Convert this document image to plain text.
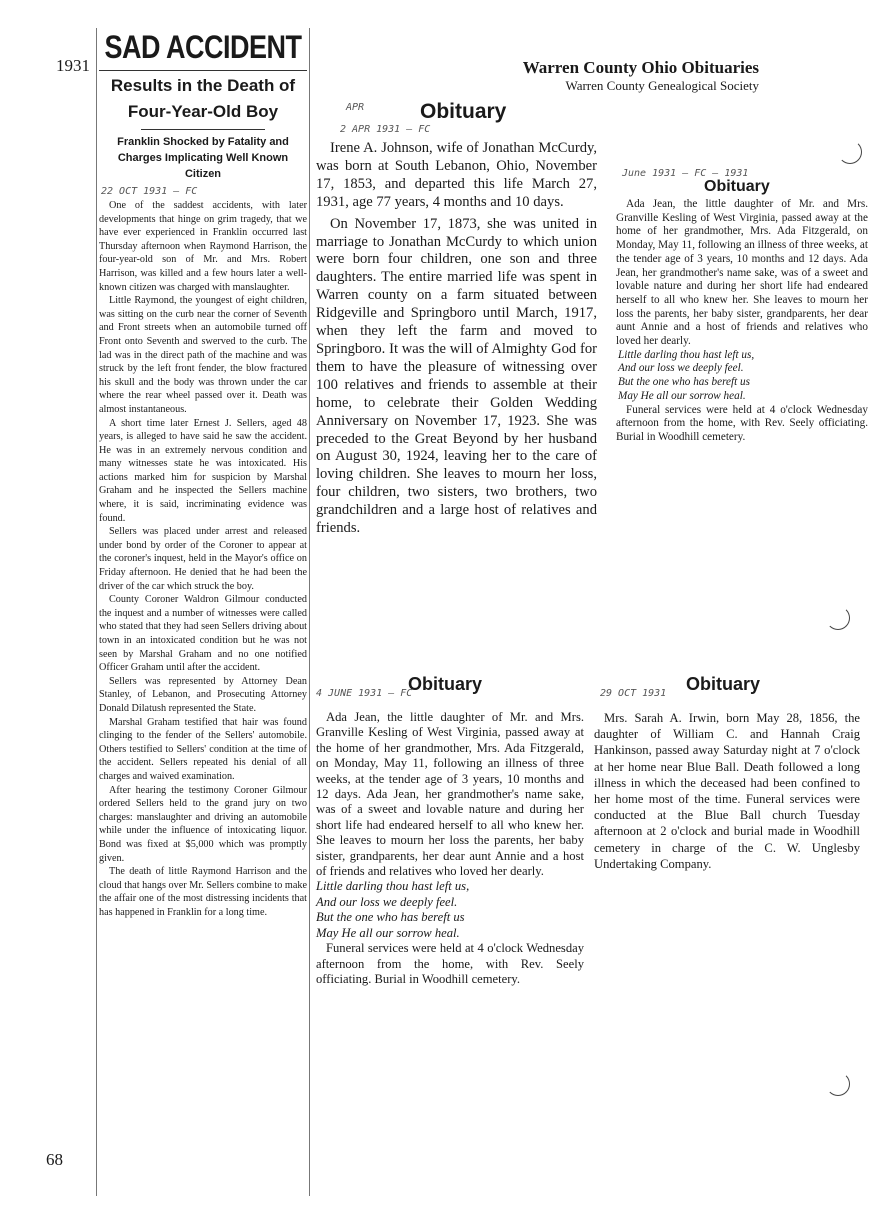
1931
68
Warren County Ohio Obituaries
Warren County Genealogical Society
SAD ACCIDENT
Results in the Death of Four-Year-Old Boy
Franklin Shocked by Fatality and Charges Implicating Well Known Citizen
22 OCT 1931 — FC

One of the saddest accidents, with later developments that hinge on grim tragedy, that we have ever experienced in Franklin occurred last Thursday afternoon when Raymond Harrison, the four-year-old son of Mr. and Mrs. Robert Harrison, was killed and a few hours later a well-known citizen was charged with manslaughter.

Little Raymond, the youngest of eight children, was sitting on the curb near the corner of Seventh and Front streets when an automobile turned off Front onto Seventh and swerved to the curb. The lad was in the direct path of the machine and was struck by the left front fender, the blow fractured his skull and the body was thrown under the car where the rear wheel passed over it. Death was almost instantaneous.

A short time later Ernest J. Sellers, aged 48 years, is alleged to have said he saw the accident. He was in an extremely nervous condition and many witnesses state he was intoxicated. His actions marked him for suspicion by Marshal Graham and he inspected the Sellers machine where, it is said, incriminating evidence was found.

Sellers was placed under arrest and released under bond by order of the Coroner to appear at the coroner's inquest, held in the Mayor's office on Friday afternoon. He denied that he had been the driver of the car which struck the boy.

County Coroner Waldron Gilmour conducted the inquest and a number of witnesses were called who stated that they had seen Sellers driving about town in an intoxicated condition but he was not seen by Marshal Graham and no one notified Officer Graham until after the accident.

Sellers was represented by Attorney Dean Stanley, of Lebanon, and Prosecuting Attorney Donald Dilatush represented the State.

Marshal Graham testified that hair was found clinging to the fender of the Sellers' automobile. Others testified to Sellers' condition at the time of the accident. Sellers repeated his denial of all charges and waived examination.

After hearing the testimony Coroner Gilmour ordered Sellers held to the grand jury on two charges: manslaughter and driving an automobile while under the influence of intoxicating liquor. Bond was fixed at $5,000 which was promptly given.

The death of little Raymond Harrison and the cloud that hangs over Mr. Sellers combine to make the affair one of the most distressing incidents that has happened in Franklin for a long time.

APR	Obituary
2 APR 1931 — FC

Irene A. Johnson, wife of Jonathan McCurdy, was born at South Lebanon, Ohio, November 17, 1853, and departed this life March 27, 1931, age 77 years, 4 months and 10 days.

On November 17, 1873, she was united in marriage to Jonathan McCurdy to which union were born four children, one son and three daughters. The entire married life was spent in Warren county on a farm situated between Ridgeville and Springboro until March, 1917, when they left the farm and moved to Springboro. It was the will of Almighty God for them to have the pleasure of witnessing over 100 relatives and friends to assemble at their home, to celebrate their Golden Wedding Anniversary on November 17, 1923. She was preceded to the Great Beyond by her husband on August 30, 1924, leaving her to the care of loving children. She leaves to mourn her loss, four children, two sisters, two brothers, two grandchildren and a large host of relatives and friends.

June 1931 — FC — 1931
Obituary

Ada Jean, the little daughter of Mr. and Mrs. Granville Kesling of West Virginia, passed away at the home of her grandmother, Mrs. Ada Fitzgerald, on Monday, May 11, following an illness of three weeks, at the tender age of 3 years, 10 months and 12 days. Ada Jean, her grandmother's name sake, was of a sweet and lovable nature and during her short life had endeared herself to all who knew her. She leaves to mourn her loss the parents, her baby sister, grandparents, her dear aunt Annie and a host of friends and relatives who loved her dearly.

Little darling thou hast left us,
And our loss we deeply feel.
But the one who has bereft us
May He all our sorrow heal.

Funeral services were held at 4 o'clock Wednesday afternoon from the home, with Rev. Seely officiating. Burial in Woodhill cemetery.

4 JUNE 1931 — FC
Obituary

Ada Jean, the little daughter of Mr. and Mrs. Granville Kesling of West Virginia, passed away at the home of her grandmother, Mrs. Ada Fitzgerald, on Monday, May 11, following an illness of three weeks, at the tender age of 3 years, 10 months and 12 days. Ada Jean, her grandmother's name sake, was of a sweet and lovable nature and during her short life had endeared herself to all who knew her. She leaves to mourn her loss the parents, her baby sister, grandparents, her dear aunt Annie and a host of friends and relatives who loved her dearly.

Little darling thou hast left us,
And our loss we deeply feel.
But the one who has bereft us
May He all our sorrow heal.

Funeral services were held at 4 o'clock Wednesday afternoon from the home, with Rev. Seely officiating. Burial in Woodhill cemetery.

29 OCT 1931 Obituary

Mrs. Sarah A. Irwin, born May 28, 1856, the daughter of William C. and Hannah Craig Hankinson, passed away Saturday night at 7 o'clock at her home near Blue Ball. Death followed a long illness in which the deceased had been confined to her home most of the time. Funeral services were conducted at the Blue Ball church Tuesday afternoon at 2 o'clock and burial made in Woodhill cemetery in charge of the C. W. Unglesby Undertaking Company.
